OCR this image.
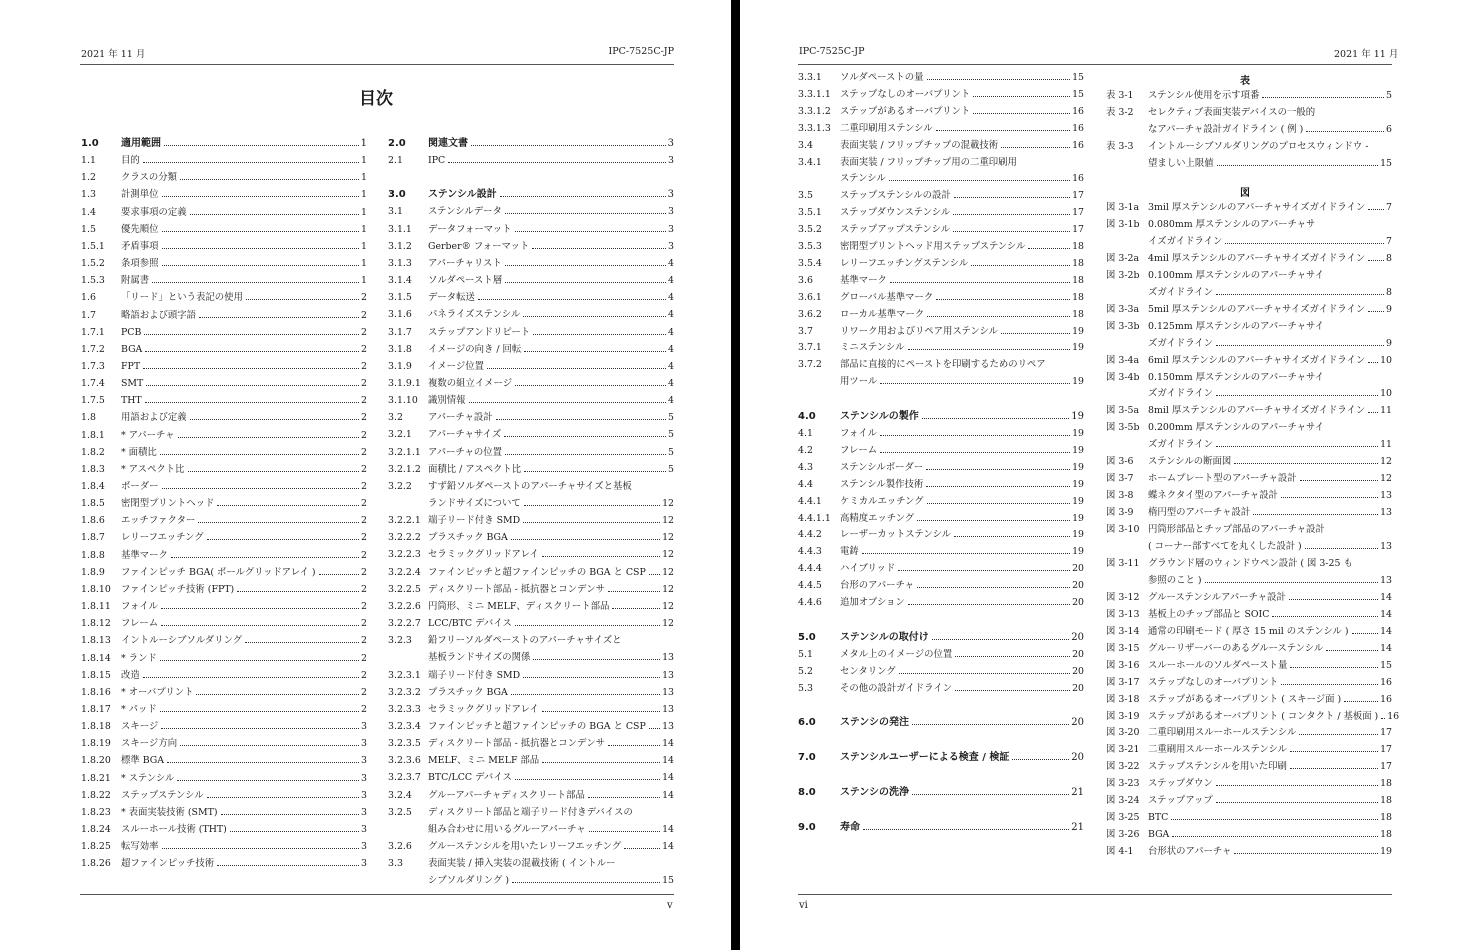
2021 年 11 月	IPC-7525C-JP
目次
1.0	適用範囲	1
1.1	目的	1
1.2	クラスの分類	1
1.3	計測単位	1
1.4	要求事項の定義	1
1.5	優先順位	1
1.5.1	矛盾事項	1
1.5.2	条項参照	1
1.5.3	附属書	1
1.6	「リード」という表記の使用	2
1.7	略語および頭字語	2
1.7.1	PCB	2
1.7.2	BGA	2
1.7.3	FPT	2
1.7.4	SMT	2
1.7.5	THT	2
1.8	用語および定義	2
1.8.1	* アパーチャ	2
1.8.2	* 面積比	2
1.8.3	* アスペクト比	2
1.8.4	ボーダー	2
1.8.5	密閉型プリントヘッド	2
1.8.6	エッチファクター	2
1.8.7	レリーフエッチング	2
1.8.8	基準マーク	2
1.8.9	ファインピッチ BGA( ボールグリッドアレイ )	2
1.8.10	ファインピッチ技術 (FPT)	2
1.8.11	フォイル	2
1.8.12	フレーム	2
1.8.13	イントルーシブソルダリング	2
1.8.14	* ランド	2
1.8.15	改造	2
1.8.16	* オーバプリント	2
1.8.17	* パッド	2
1.8.18	スキージ	3
1.8.19	スキージ方向	3
1.8.20	標準 BGA	3
1.8.21	* ステンシル	3
1.8.22	ステップステンシル	3
1.8.23	* 表面実装技術 (SMT)	3
1.8.24	スルーホール技術 (THT)	3
1.8.25	転写効率	3
1.8.26	超ファインピッチ技術	3
2.0	関連文書	3
2.1	IPC	3
3.0	ステンシル設計	3
3.1	ステンシルデータ	3
3.1.1	データフォーマット	3
3.1.2	Gerber® フォーマット	3
3.1.3	アパーチャリスト	4
3.1.4	ソルダペースト層	4
3.1.5	データ転送	4
3.1.6	パネライズステンシル	4
3.1.7	ステップアンドリピート	4
3.1.8	イメージの向き / 回転	4
3.1.9	イメージ位置	4
3.1.9.1 複数の組立イメージ	4
3.1.10	識別情報	4
3.2	アパーチャ設計	5
3.2.1	アパーチャサイズ	5
3.2.1.1 アパーチャの位置	5
3.2.1.2 面積比 / アスペクト比	5
3.2.2	すず鉛ソルダペーストのアパーチャサイズと基板
ランドサイズについて	12
3.2.2.1 端子リード付き SMD	12
3.2.2.2 プラスチック BGA	12
3.2.2.3 セラミックグリッドアレイ	12
3.2.2.4 ファインピッチと超ファインピッチの BGA と CSP 12
3.2.2.5 ディスクリート部品 - 抵抗器とコンデンサ	12
3.2.2.6 円筒形、ミニ MELF、ディスクリート部品	12
3.2.2.7 LCC/BTC デバイス	12
3.2.3	鉛フリーソルダペーストのアパーチャサイズと
基板ランドサイズの関係	13
3.2.3.1 端子リード付き SMD	13
3.2.3.2 プラスチック BGA	13
3.2.3.3 セラミックグリッドアレイ	13
3.2.3.4 ファインピッチと超ファインピッチの BGA と CSP 13
3.2.3.5 ディスクリート部品 - 抵抗器とコンデンサ	14
3.2.3.6 MELF、ミニ MELF 部品	14
3.2.3.7 BTC/LCC デバイス	14
3.2.4	グルーアパーチャディスクリート部品	14
3.2.5	ディスクリート部品と端子リード付きデバイスの
組み合わせに用いるグルーアパーチャ	14
3.2.6	グルーステンシルを用いたレリーフエッチング	14
3.3	表面実装 / 挿入実装の混載技術 ( イントルー
シブソルダリング )	15
v
IPC-7525C-JP	2021 年 11 月
3.3.1	ソルダペーストの量	15
3.3.1.1 ステップなしのオーバプリント	15
3.3.1.2 ステップがあるオーバプリント	16
3.3.1.3 二重印刷用ステンシル	16
3.4	表面実装 / フリップチップの混載技術	16
3.4.1	表面実装 / フリップチップ用の二重印刷用
ステンシル	16
3.5	ステップステンシルの設計	17
3.5.1	ステップダウンステンシル	17
3.5.2	ステップアップステンシル	17
3.5.3	密閉型プリントヘッド用ステップステンシル	18
3.5.4	レリーフエッチングステンシル	18
3.6	基準マーク	18
3.6.1	グローバル基準マーク	18
3.6.2	ローカル基準マーク	18
3.7	リワーク用およびリペア用ステンシル	19
3.7.1	ミニステンシル	19
3.7.2	部品に直接的にペーストを印刷するためのリペア
用ツール	19
4.0	ステンシルの製作	19
4.1	フォイル	19
4.2	フレーム	19
4.3	ステンシルボーダー	19
4.4	ステンシル製作技術	19
4.4.1	ケミカルエッチング	19
4.4.1.1 高精度エッチング	19
4.4.2	レーザーカットステンシル	19
4.4.3	電鋳	19
4.4.4	ハイブリッド	20
4.4.5	台形のアパーチャ	20
4.4.6	追加オプション	20
5.0	ステンシルの取付け	20
5.1	メタル上のイメージの位置	20
5.2	センタリング	20
5.3	その他の設計ガイドライン	20
6.0	ステンシの発注	20
7.0	ステンシルユーザーによる検査 / 検証	20
8.0	ステンシの洗浄	21
9.0	寿命	21
表
表 3-1	ステンシル使用を示す項番	5
表 3-2	セレクティブ表面実装デバイスの一般的
なアパーチャ設計ガイドライン ( 例 )	6
表 3-3	イントルーシブソルダリングのプロセスウィンドウ -
望ましい上限値	15
図
図 3-1a 3mil 厚ステンシルのアパーチャサイズガイドライン 7
図 3-1b 0.080mm 厚ステンシルのアパーチャサ
イズガイドライン	7
図 3-2a 4mil 厚ステンシルのアパーチャサイズガイドライン 8
図 3-2b 0.100mm 厚ステンシルのアパーチャサイ
ズガイドライン	8
図 3-3a 5mil 厚ステンシルのアパーチャサイズガイドライン 9
図 3-3b 0.125mm 厚ステンシルのアパーチャサイ
ズガイドライン	9
図 3-4a 6mil 厚ステンシルのアパーチャサイズガイドライン 10
図 3-4b 0.150mm 厚ステンシルのアパーチャサイ
ズガイドライン	10
図 3-5a 8mil 厚ステンシルのアパーチャサイズガイドライン 11
図 3-5b 0.200mm 厚ステンシルのアパーチャサイ
ズガイドライン	11
図 3-6	ステンシルの断面図	12
図 3-7	ホームプレート型のアパーチャ設計	12
図 3-8	蝶ネクタイ型のアパーチャ設計	13
図 3-9	楕円型のアパーチャ設計	13
図 3-10 円筒形部品とチップ部品のアパーチャ設計
( コーナー部すべてを丸くした設計 )	13
図 3-11 グラウンド層のウィンドウペン設計 ( 図 3-25 も
参照のこと )	13
図 3-12 グルーステンシルアパーチャ設計	14
図 3-13 基板上のチップ部品と SOIC	14
図 3-14 通常の印刷モード ( 厚さ 15 mil のステンシル )	14
図 3-15 グルーリザーバーのあるグルーステンシル	14
図 3-16 スルーホールのソルダペースト量	15
図 3-17 ステップなしのオーバプリント	16
図 3-18 ステップがあるオーバプリント ( スキージ面 )	16
図 3-19 ステップがあるオーバプリント ( コンタクト / 基板面 ) 16
図 3-20 二重印刷用スルーホールステンシル	17
図 3-21 二重刷用スルーホールステンシル	17
図 3-22 ステップステンシルを用いた印刷	17
図 3-23 ステップダウン	18
図 3-24 ステップアップ	18
図 3-25 BTC	18
図 3-26 BGA	18
図 4-1	台形状のアパーチャ	19
vi
